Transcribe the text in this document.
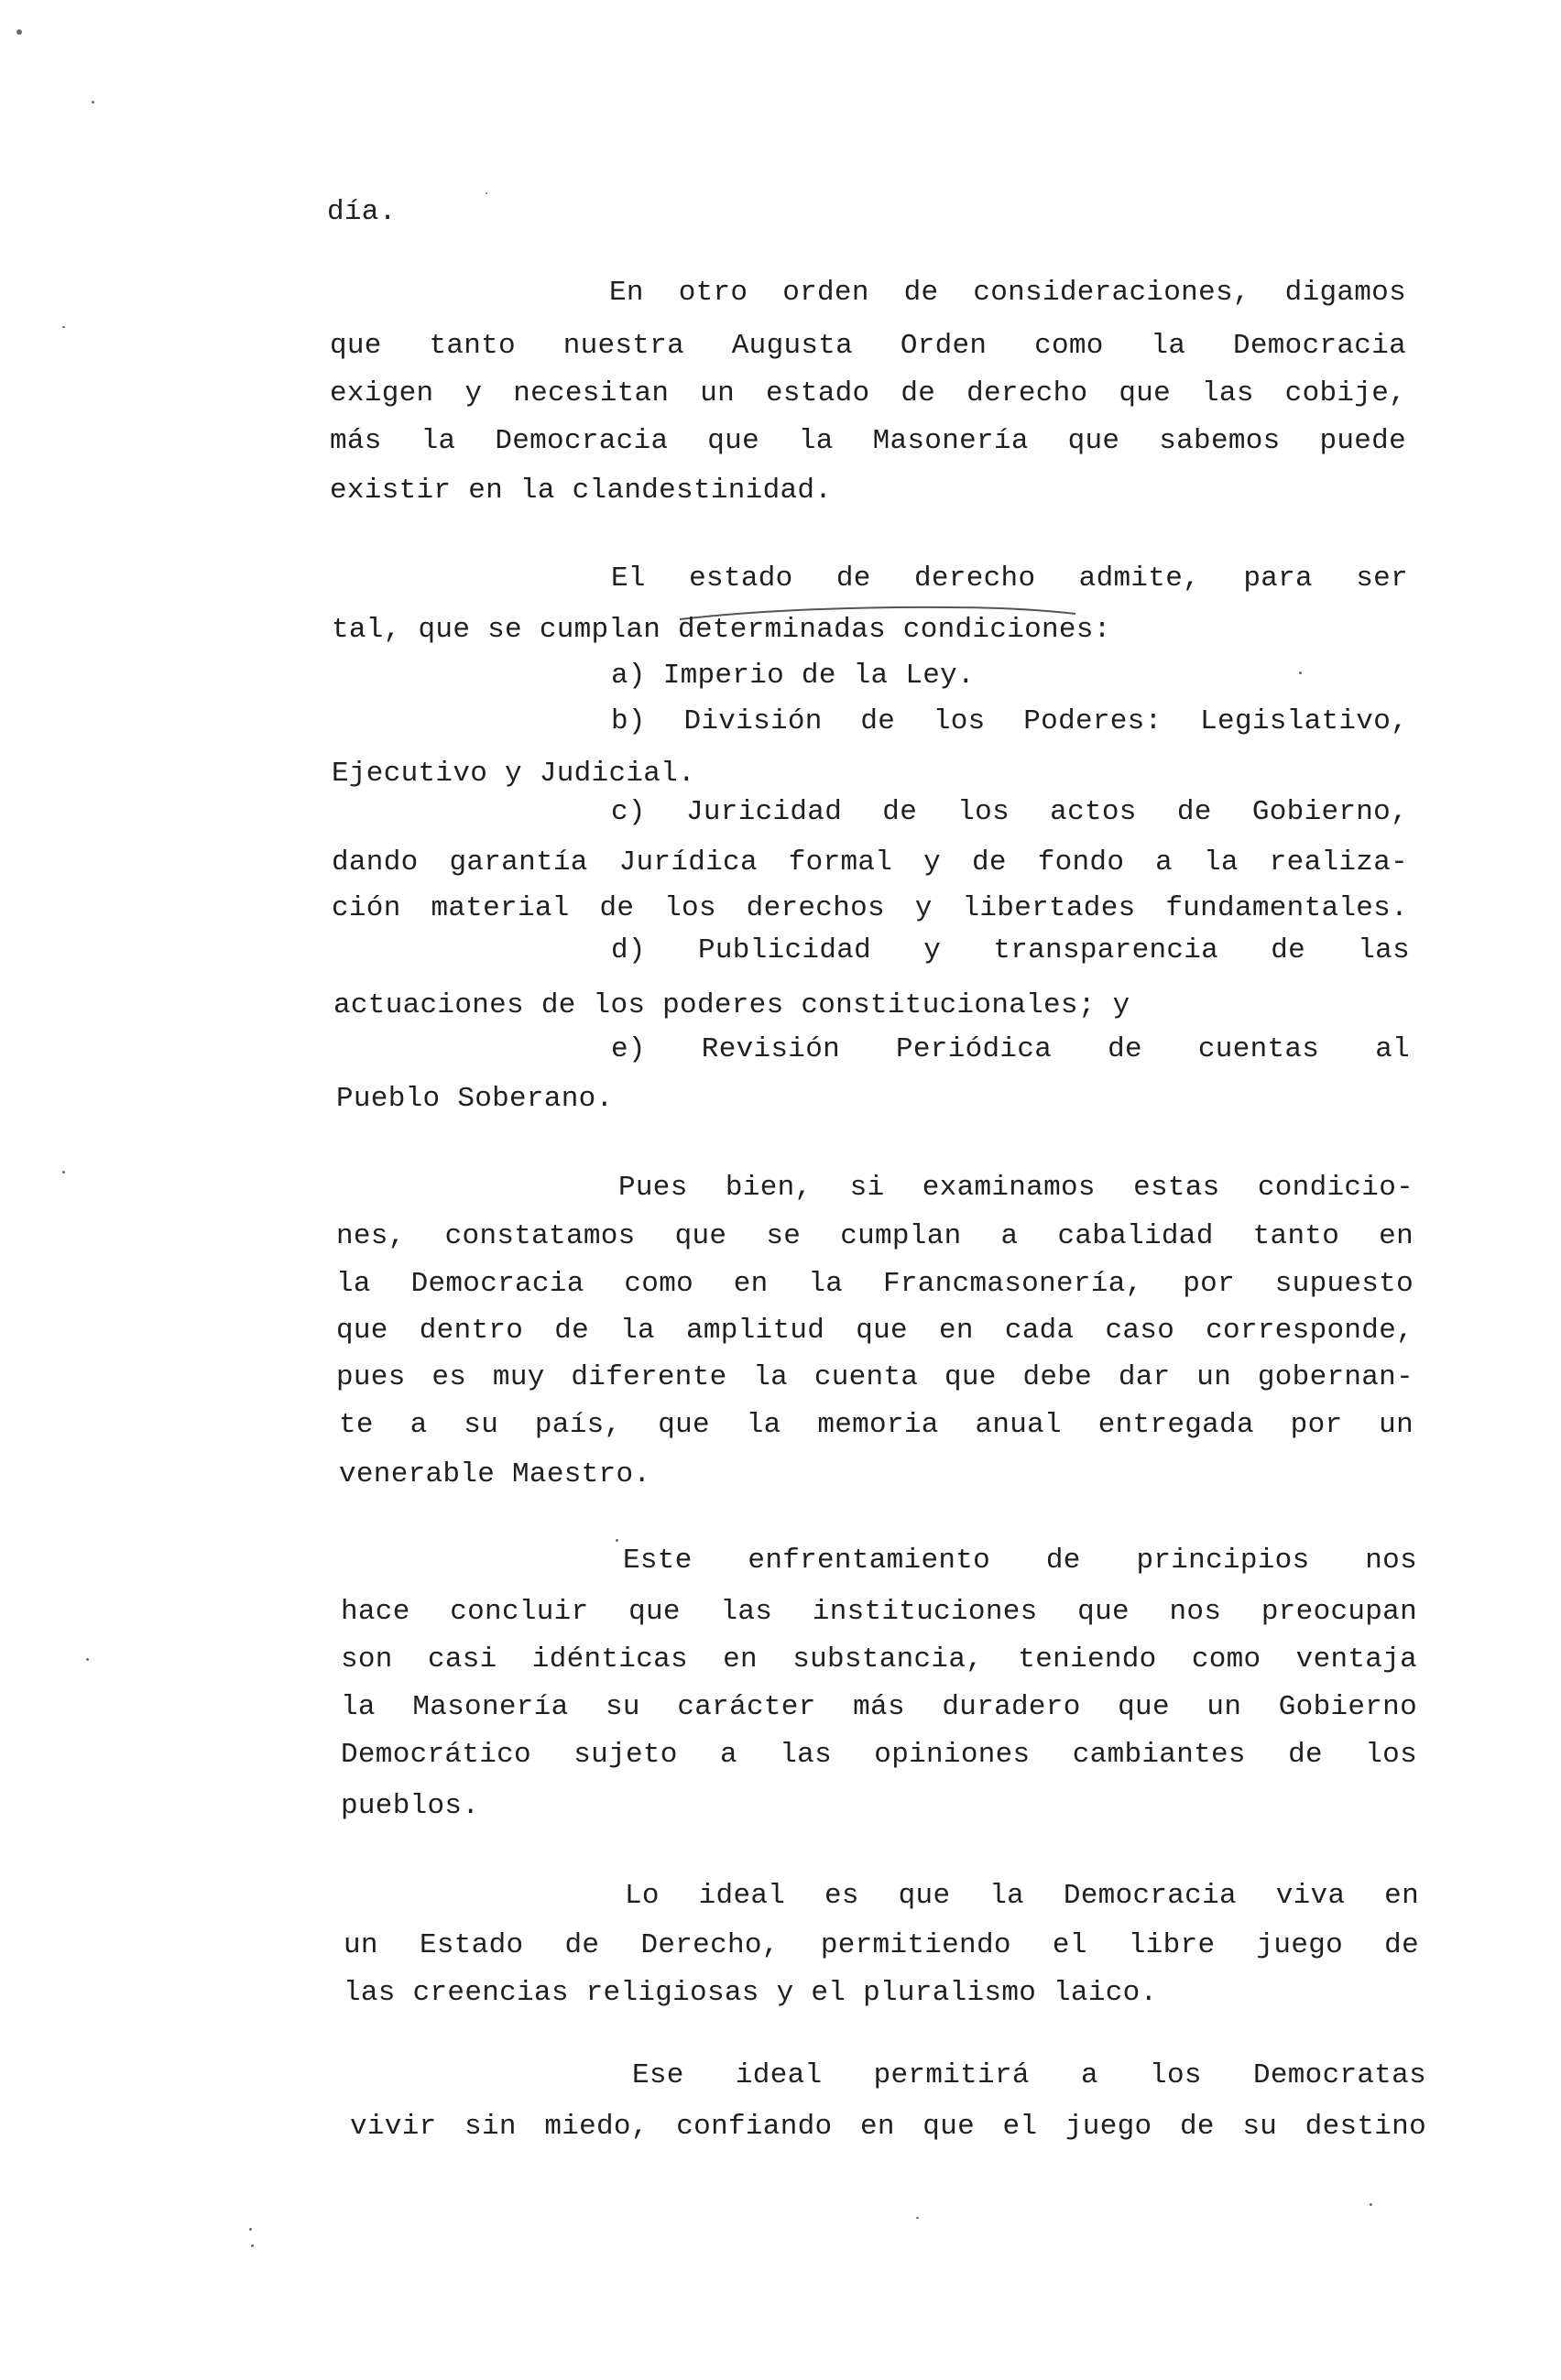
día.
En otro orden de consideraciones, digamos
que tanto nuestra Augusta Orden como la Democracia
exigen y necesitan un estado de derecho que las cobije,
más la Democracia que la Masonería que sabemos puede
existir en la clandestinidad.
El estado de derecho admite, para ser
tal, que se cumplan determinadas condiciones:
a) Imperio de la Ley.
b) División de los Poderes: Legislativo,
Ejecutivo y Judicial.
c) Juricidad de los actos de Gobierno,
dando garantía Jurídica formal y de fondo a la realiza-
ción material de los derechos y libertades fundamentales.
d) Publicidad y transparencia de las
actuaciones de los poderes constitucionales; y
e) Revisión Periódica de cuentas al
Pueblo Soberano.
Pues bien, si examinamos estas condicio-
nes, constatamos que se cumplan a cabalidad tanto en
la Democracia como en la Francmasonería, por supuesto
que dentro de la amplitud que en cada caso corresponde,
pues es muy diferente la cuenta que debe dar un gobernan-
te a su país, que la memoria anual entregada por un
venerable Maestro.
Este enfrentamiento de principios nos
hace concluir que las instituciones que nos preocupan
son casi idénticas en substancia, teniendo como ventaja
la Masonería su carácter más duradero que un Gobierno
Democrático sujeto a las opiniones cambiantes de los
pueblos.
Lo ideal es que la Democracia viva en
un Estado de Derecho, permitiendo el libre juego de
las creencias religiosas y el pluralismo laico.
Ese ideal permitirá a los Democratas
vivir sin miedo, confiando en que el juego de su destino
